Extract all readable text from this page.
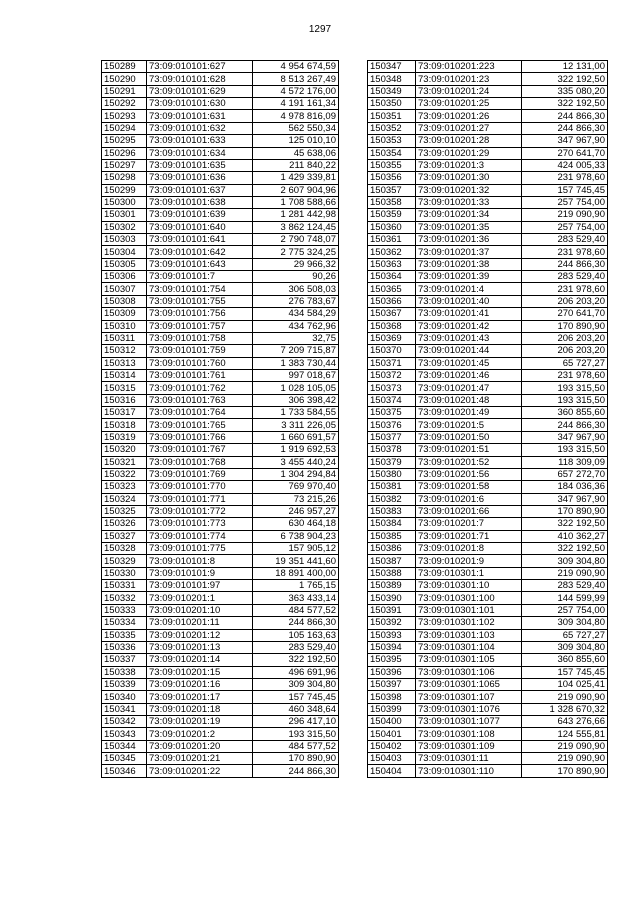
1297
150289	73:09:010101:627	4 954 674,59
150290	73:09:010101:628	8 513 267,49
150291	73:09:010101:629	4 572 176,00
150292	73:09:010101:630	4 191 161,34
150293	73:09:010101:631	4 978 816,09
150294	73:09:010101:632	562 550,34
150295	73:09:010101:633	125 010,10
150296	73:09:010101:634	45 638,06
150297	73:09:010101:635	211 840,22
150298	73:09:010101:636	1 429 339,81
150299	73:09:010101:637	2 607 904,96
150300	73:09:010101:638	1 708 588,66
150301	73:09:010101:639	1 281 442,98
150302	73:09:010101:640	3 862 124,45
150303	73:09:010101:641	2 790 748,07
150304	73:09:010101:642	2 775 324,25
150305	73:09:010101:643	29 966,32
150306	73:09:010101:7	90,26
150307	73:09:010101:754	306 508,03
150308	73:09:010101:755	276 783,67
150309	73:09:010101:756	434 584,29
150310	73:09:010101:757	434 762,96
150311	73:09:010101:758	32,75
150312	73:09:010101:759	7 209 715,87
150313	73:09:010101:760	1 383 730,44
150314	73:09:010101:761	997 018,67
150315	73:09:010101:762	1 028 105,05
150316	73:09:010101:763	306 398,42
150317	73:09:010101:764	1 733 584,55
150318	73:09:010101:765	3 311 226,05
150319	73:09:010101:766	1 660 691,57
150320	73:09:010101:767	1 919 692,53
150321	73:09:010101:768	3 455 440,24
150322	73:09:010101:769	1 304 294,84
150323	73:09:010101:770	769 970,40
150324	73:09:010101:771	73 215,26
150325	73:09:010101:772	246 957,27
150326	73:09:010101:773	630 464,18
150327	73:09:010101:774	6 738 904,23
150328	73:09:010101:775	157 905,12
150329	73:09:010101:8	19 351 441,60
150330	73:09:010101:9	18 891 400,00
150331	73:09:010101:97	1 765,15
150332	73:09:010201:1	363 433,14
150333	73:09:010201:10	484 577,52
150334	73:09:010201:11	244 866,30
150335	73:09:010201:12	105 163,63
150336	73:09:010201:13	283 529,40
150337	73:09:010201:14	322 192,50
150338	73:09:010201:15	496 691,96
150339	73:09:010201:16	309 304,80
150340	73:09:010201:17	157 745,45
150341	73:09:010201:18	460 348,64
150342	73:09:010201:19	296 417,10
150343	73:09:010201:2	193 315,50
150344	73:09:010201:20	484 577,52
150345	73:09:010201:21	170 890,90
150346	73:09:010201:22	244 866,30
150347	73:09:010201:223	12 131,00
150348	73:09:010201:23	322 192,50
150349	73:09:010201:24	335 080,20
150350	73:09:010201:25	322 192,50
150351	73:09:010201:26	244 866,30
150352	73:09:010201:27	244 866,30
150353	73:09:010201:28	347 967,90
150354	73:09:010201:29	270 641,70
150355	73:09:010201:3	424 005,33
150356	73:09:010201:30	231 978,60
150357	73:09:010201:32	157 745,45
150358	73:09:010201:33	257 754,00
150359	73:09:010201:34	219 090,90
150360	73:09:010201:35	257 754,00
150361	73:09:010201:36	283 529,40
150362	73:09:010201:37	231 978,60
150363	73:09:010201:38	244 866,30
150364	73:09:010201:39	283 529,40
150365	73:09:010201:4	231 978,60
150366	73:09:010201:40	206 203,20
150367	73:09:010201:41	270 641,70
150368	73:09:010201:42	170 890,90
150369	73:09:010201:43	206 203,20
150370	73:09:010201:44	206 203,20
150371	73:09:010201:45	65 727,27
150372	73:09:010201:46	231 978,60
150373	73:09:010201:47	193 315,50
150374	73:09:010201:48	193 315,50
150375	73:09:010201:49	360 855,60
150376	73:09:010201:5	244 866,30
150377	73:09:010201:50	347 967,90
150378	73:09:010201:51	193 315,50
150379	73:09:010201:52	118 309,09
150380	73:09:010201:56	657 272,70
150381	73:09:010201:58	184 036,36
150382	73:09:010201:6	347 967,90
150383	73:09:010201:66	170 890,90
150384	73:09:010201:7	322 192,50
150385	73:09:010201:71	410 362,27
150386	73:09:010201:8	322 192,50
150387	73:09:010201:9	309 304,80
150388	73:09:010301:1	219 090,90
150389	73:09:010301:10	283 529,40
150390	73:09:010301:100	144 599,99
150391	73:09:010301:101	257 754,00
150392	73:09:010301:102	309 304,80
150393	73:09:010301:103	65 727,27
150394	73:09:010301:104	309 304,80
150395	73:09:010301:105	360 855,60
150396	73:09:010301:106	157 745,45
150397	73:09:010301:1065	104 025,41
150398	73:09:010301:107	219 090,90
150399	73:09:010301:1076	1 328 670,32
150400	73:09:010301:1077	643 276,66
150401	73:09:010301:108	124 555,81
150402	73:09:010301:109	219 090,90
150403	73:09:010301:11	219 090,90
150404	73:09:010301:110	170 890,90
